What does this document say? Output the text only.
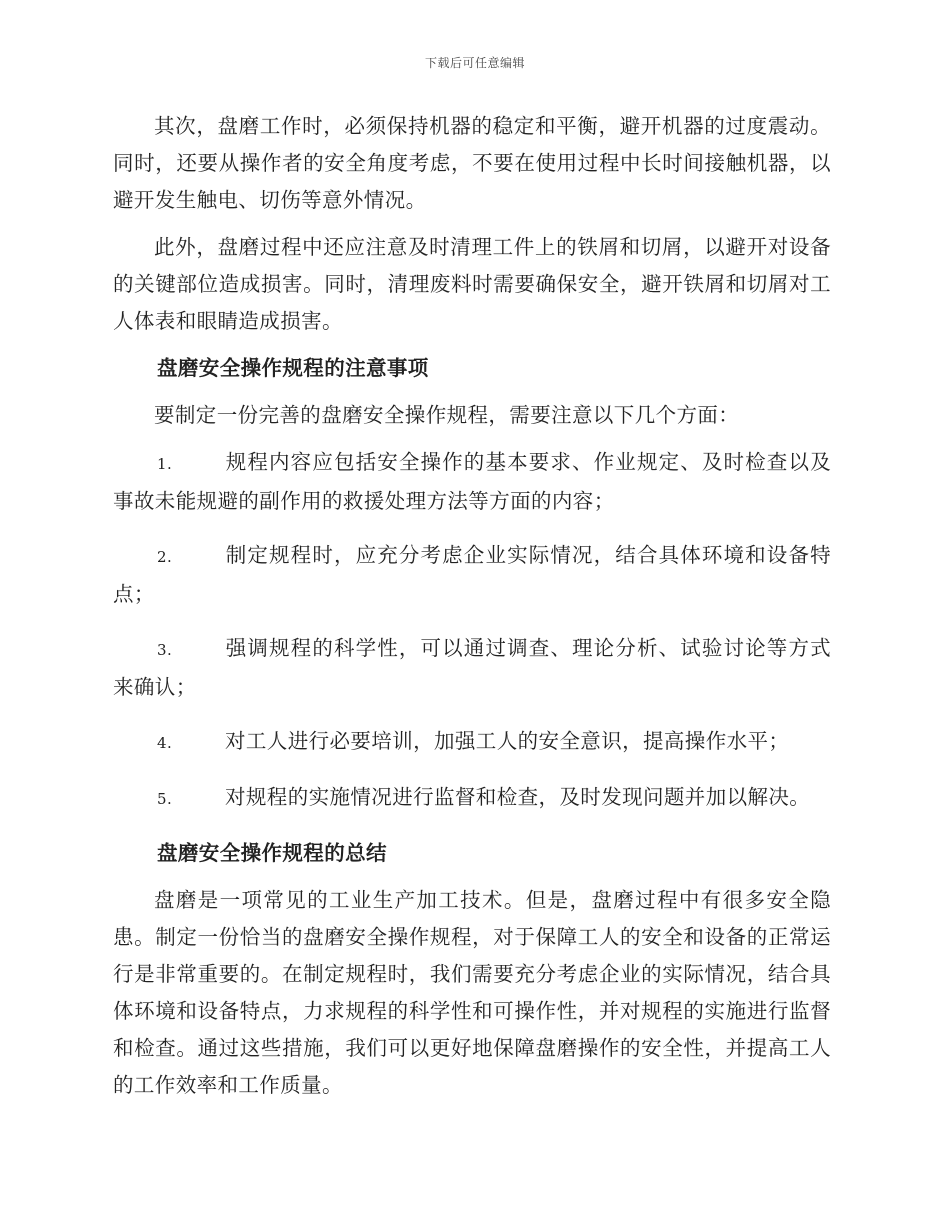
下载后可任意编辑

其次，盘磨工作时，必须保持机器的稳定和平衡，避开机器的过度震动。同时，还要从操作者的安全角度考虑，不要在使用过程中长时间接触机器，以避开发生触电、切伤等意外情况。

此外，盘磨过程中还应注意及时清理工件上的铁屑和切屑，以避开对设备的关键部位造成损害。同时，清理废料时需要确保安全，避开铁屑和切屑对工人体表和眼睛造成损害。

盘磨安全操作规程的注意事项

要制定一份完善的盘磨安全操作规程，需要注意以下几个方面：

1.	规程内容应包括安全操作的基本要求、作业规定、及时检查以及事故未能规避的副作用的救援处理方法等方面的内容；

2.	制定规程时，应充分考虑企业实际情况，结合具体环境和设备特点；

3.	强调规程的科学性，可以通过调查、理论分析、试验讨论等方式来确认；

4.	对工人进行必要培训，加强工人的安全意识，提高操作水平；

5.	对规程的实施情况进行监督和检查，及时发现问题并加以解决。

盘磨安全操作规程的总结

盘磨是一项常见的工业生产加工技术。但是，盘磨过程中有很多安全隐患。制定一份恰当的盘磨安全操作规程，对于保障工人的安全和设备的正常运行是非常重要的。在制定规程时，我们需要充分考虑企业的实际情况，结合具体环境和设备特点，力求规程的科学性和可操作性，并对规程的实施进行监督和检查。通过这些措施，我们可以更好地保障盘磨操作的安全性，并提高工人的工作效率和工作质量。
